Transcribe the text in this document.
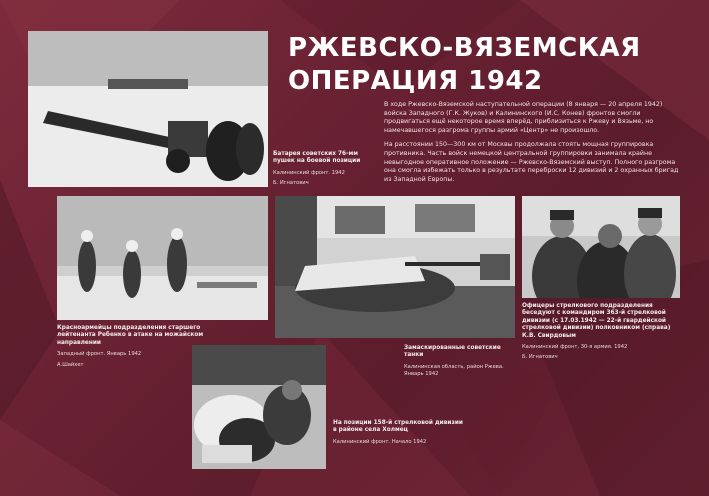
Батарея советских 76-мм пушек на боевой позиции
Калининский фронт. 1942
Б. Игнатович
РЖЕВСКО-ВЯЗЕМСКАЯ
ОПЕРАЦИЯ 1942

В ходе Ржевско-Вяземской наступательной операции (8 января — 20 апреля 1942) войска Западного (Г.К. Жуков) и Калининского (И.С. Конев) фронтов смогли продвигаться ещё некоторое время вперёд, приблизиться к Ржеву и Вязьме, но намечавшегося разгрома группы армий «Центр» не произошло.

На расстоянии 150—300 км от Москвы продолжала стоять мощная группировка противника. Часть войск немецкой центральной группировки занимала крайне невыгодное оперативное положение — Ржевско-Вяземский выступ. Полного разгрома она смогла избежать только в результате переброски 12 дивизий и 2 охранных бригад из Западной Европы.

Красноармейцы подразделения старшего лейтенанта Ребенко в атаке на можайском направлении
Западный фронт. Январь 1942
А.Шайхет
Замаскированные советские танки
Калининская область, район Ржева. Январь 1942
Офицеры стрелкового подразделения беседуют с командиром 363-й стрелковой дивизии (с 17.03.1942 — 22-й гвардейской стрелковой дивизии) полковником (справа) К.В. Свирдовым
Калининский фронт, 30-я армия. 1942
Б. Игнатович
На позиции 158-й стрелковой дивизии в районе села Холмец
Калининский фронт. Начало 1942
